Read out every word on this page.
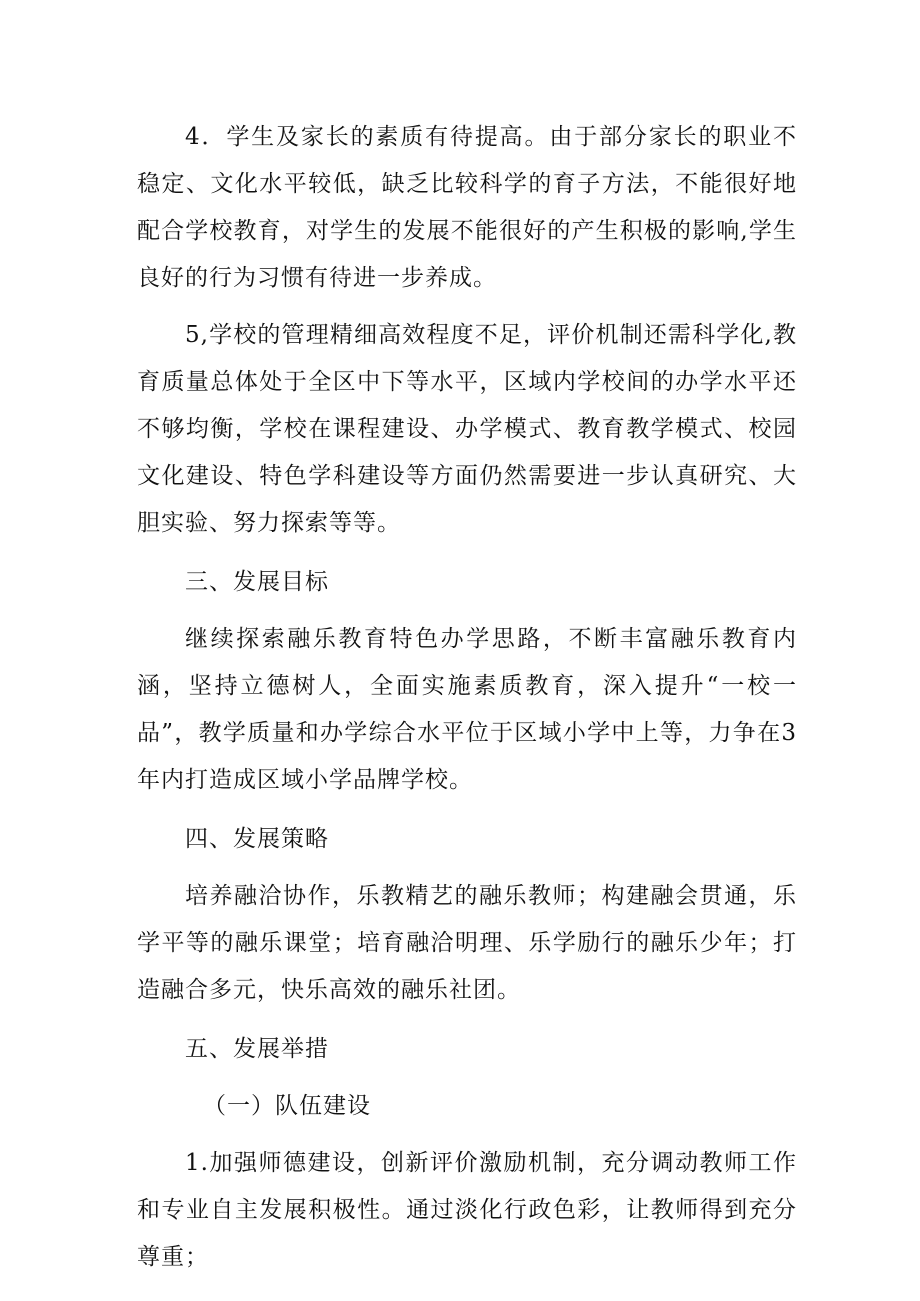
4．学生及家长的素质有待提高。由于部分家长的职业不稳定、文化水平较低，缺乏比较科学的育子方法，不能很好地配合学校教育，对学生的发展不能很好的产生积极的影响,学生良好的行为习惯有待进一步养成。

5,学校的管理精细高效程度不足，评价机制还需科学化,教育质量总体处于全区中下等水平，区域内学校间的办学水平还不够均衡，学校在课程建设、办学模式、教育教学模式、校园文化建设、特色学科建设等方面仍然需要进一步认真研究、大胆实验、努力探索等等。

三、发展目标

继续探索融乐教育特色办学思路，不断丰富融乐教育内涵，坚持立德树人，全面实施素质教育，深入提升“一校一品”，教学质量和办学综合水平位于区域小学中上等，力争在3年内打造成区域小学品牌学校。

四、发展策略

培养融洽协作，乐教精艺的融乐教师；构建融会贯通，乐学平等的融乐课堂；培育融洽明理、乐学励行的融乐少年；打造融合多元，快乐高效的融乐社团。

五、发展举措

（一）队伍建设

1.加强师德建设，创新评价激励机制，充分调动教师工作和专业自主发展积极性。通过淡化行政色彩，让教师得到充分尊重；
